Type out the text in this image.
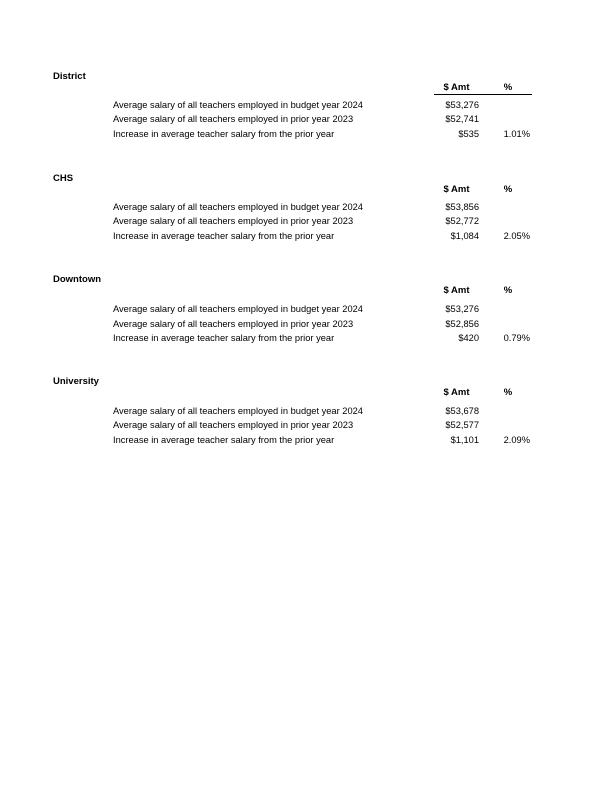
District
$ Amt	%
Average salary of all teachers employed in budget year 2024	$53,276
Average salary of all teachers employed in prior year 2023	$52,741
Increase in average teacher salary from the prior year	$535	1.01%
CHS
$ Amt	%
Average salary of all teachers employed in budget year 2024	$53,856
Average salary of all teachers employed in prior year 2023	$52,772
Increase in average teacher salary from the prior year	$1,084	2.05%
Downtown
$ Amt	%
Average salary of all teachers employed in budget year 2024	$53,276
Average salary of all teachers employed in prior year 2023	$52,856
Increase in average teacher salary from the prior year	$420	0.79%
University
$ Amt	%
Average salary of all teachers employed in budget year 2024	$53,678
Average salary of all teachers employed in prior year 2023	$52,577
Increase in average teacher salary from the prior year	$1,101	2.09%
